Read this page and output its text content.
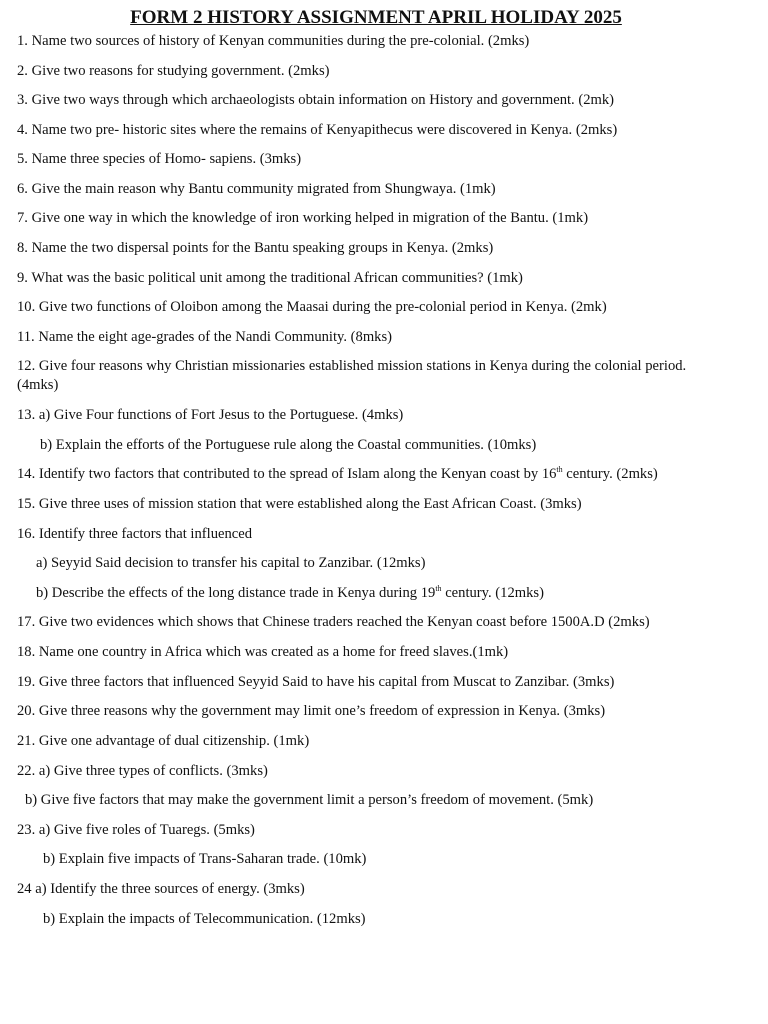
FORM 2 HISTORY ASSIGNMENT APRIL HOLIDAY 2025
1. Name two sources of history of Kenyan communities during the pre-colonial. (2mks)
2. Give two reasons for studying government. (2mks)
3. Give two ways through which archaeologists obtain information on History and government. (2mk)
4. Name two pre- historic sites where the remains of Kenyapithecus were discovered in Kenya. (2mks)
5. Name three species of Homo- sapiens. (3mks)
6. Give the main reason why Bantu community migrated from Shungwaya. (1mk)
7. Give one way in which the knowledge of iron working helped in migration of the Bantu. (1mk)
8. Name the two dispersal points for the Bantu speaking groups in Kenya. (2mks)
9. What was the basic political unit among the traditional African communities? (1mk)
10. Give two functions of Oloibon among the Maasai during the pre-colonial period in Kenya. (2mk)
11. Name the eight age-grades of the Nandi Community. (8mks)
12. Give four reasons why Christian missionaries established mission stations in Kenya during the colonial period. (4mks)
13. a) Give Four functions of Fort Jesus to the Portuguese. (4mks)
b) Explain the efforts of the Portuguese rule along the Coastal communities. (10mks)
14. Identify two factors that contributed to the spread of Islam along the Kenyan coast by 16th century. (2mks)
15. Give three uses of mission station that were established along the East African Coast. (3mks)
16. Identify three factors that influenced
a) Seyyid Said decision to transfer his capital to Zanzibar. (12mks)
b) Describe the effects of the long distance trade in Kenya during 19th century. (12mks)
17. Give two evidences which shows that Chinese traders reached the Kenyan coast before 1500A.D (2mks)
18. Name one country in Africa which was created as a home for freed slaves.(1mk)
19. Give three factors that influenced Seyyid Said to have his capital from Muscat to Zanzibar. (3mks)
20. Give three reasons why the government may limit one’s freedom of expression in Kenya. (3mks)
21. Give one advantage of dual citizenship. (1mk)
22. a) Give three types of conflicts. (3mks)
b) Give five factors that may make the government limit a person’s freedom of movement. (5mk)
23. a) Give five roles of Tuaregs. (5mks)
b) Explain five impacts of Trans-Saharan trade. (10mk)
24 a) Identify the three sources of energy. (3mks)
b) Explain the impacts of Telecommunication. (12mks)
